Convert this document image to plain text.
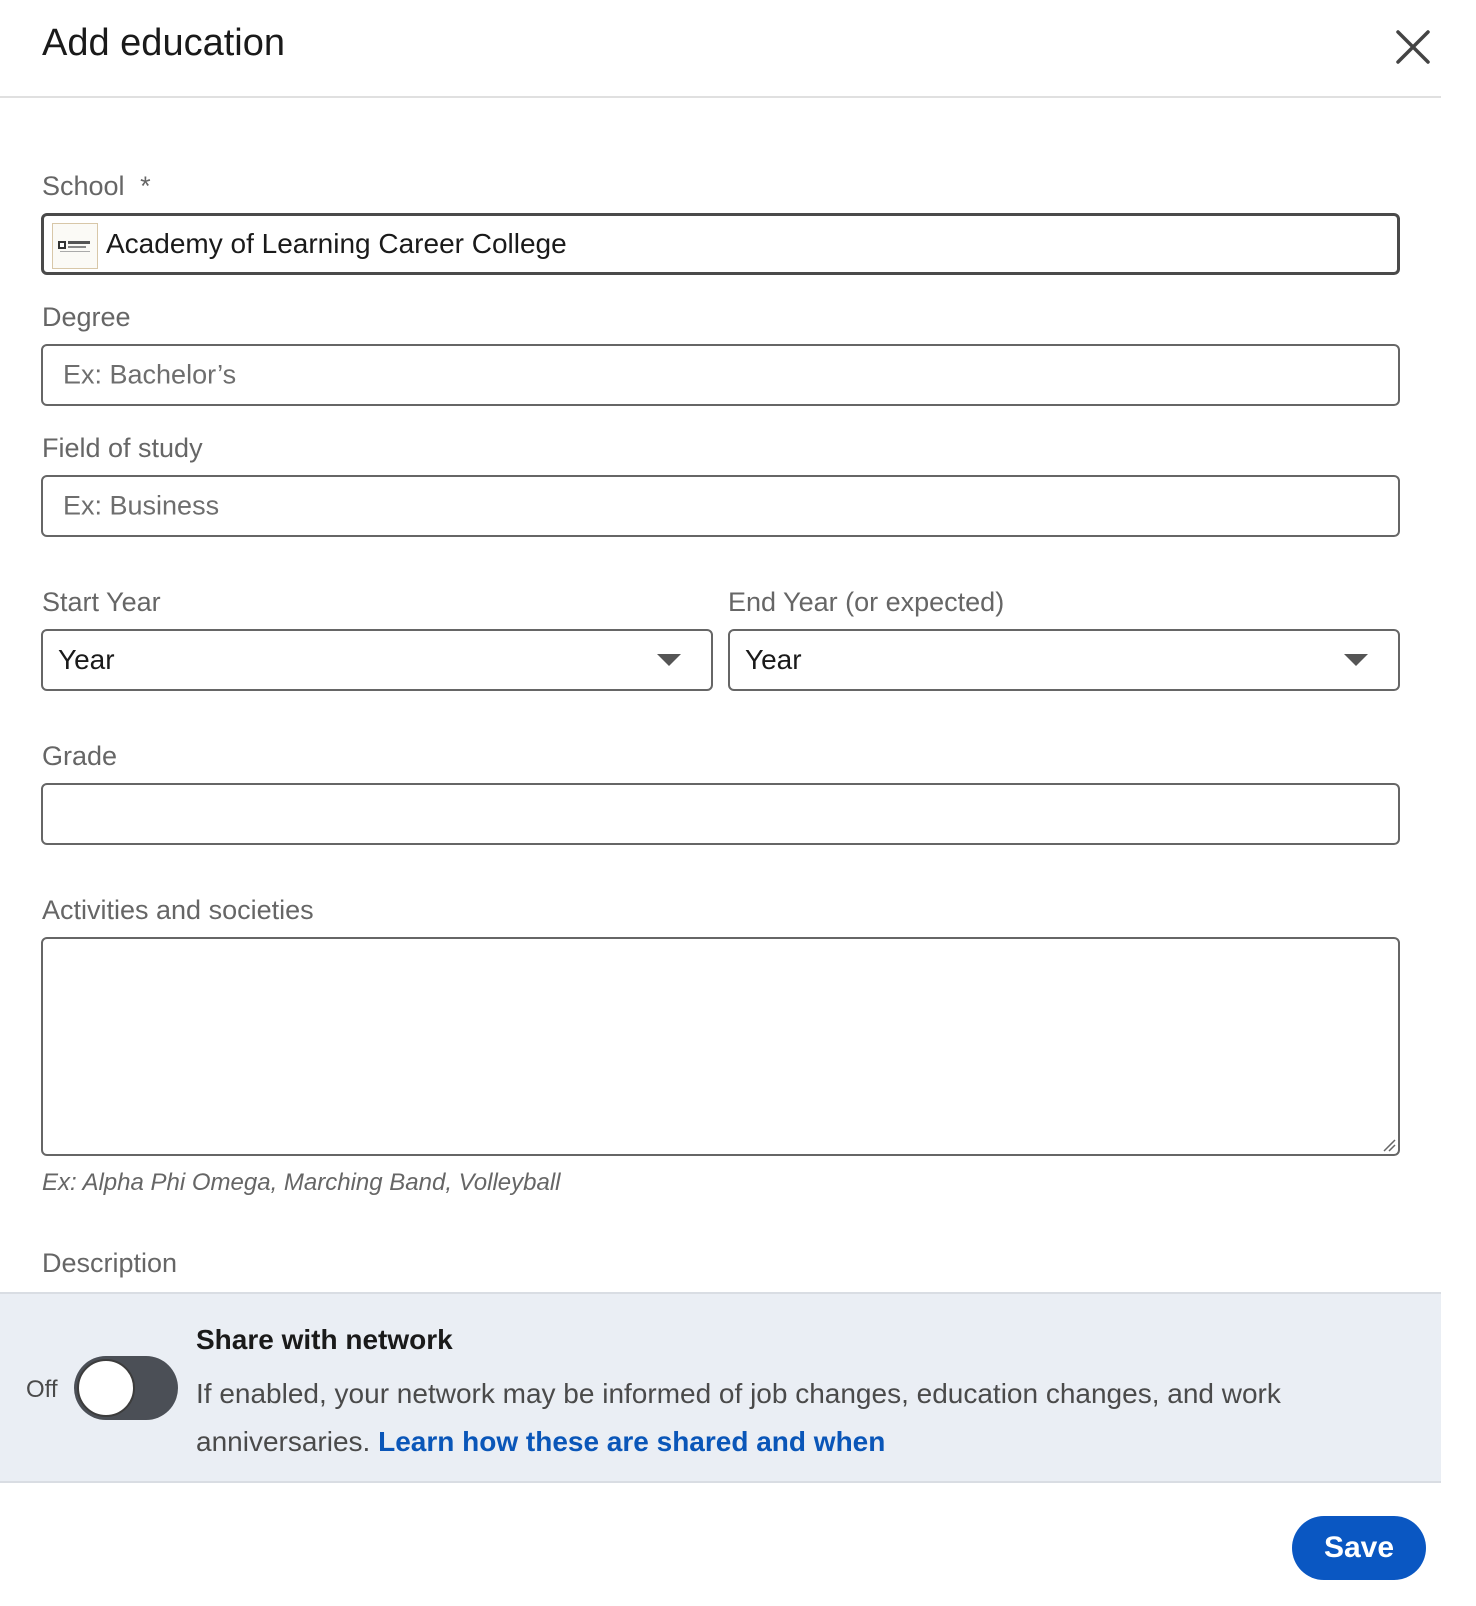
Add education
School *
Academy of Learning Career College
Degree
Ex: Bachelor’s
Field of study
Ex: Business
Start Year
Year
End Year (or expected)
Year
Grade
Activities and societies
Ex: Alpha Phi Omega, Marching Band, Volleyball
Description
Off
Share with network
If enabled, your network may be informed of job changes, education changes, and work anniversaries. Learn how these are shared and when
Save
